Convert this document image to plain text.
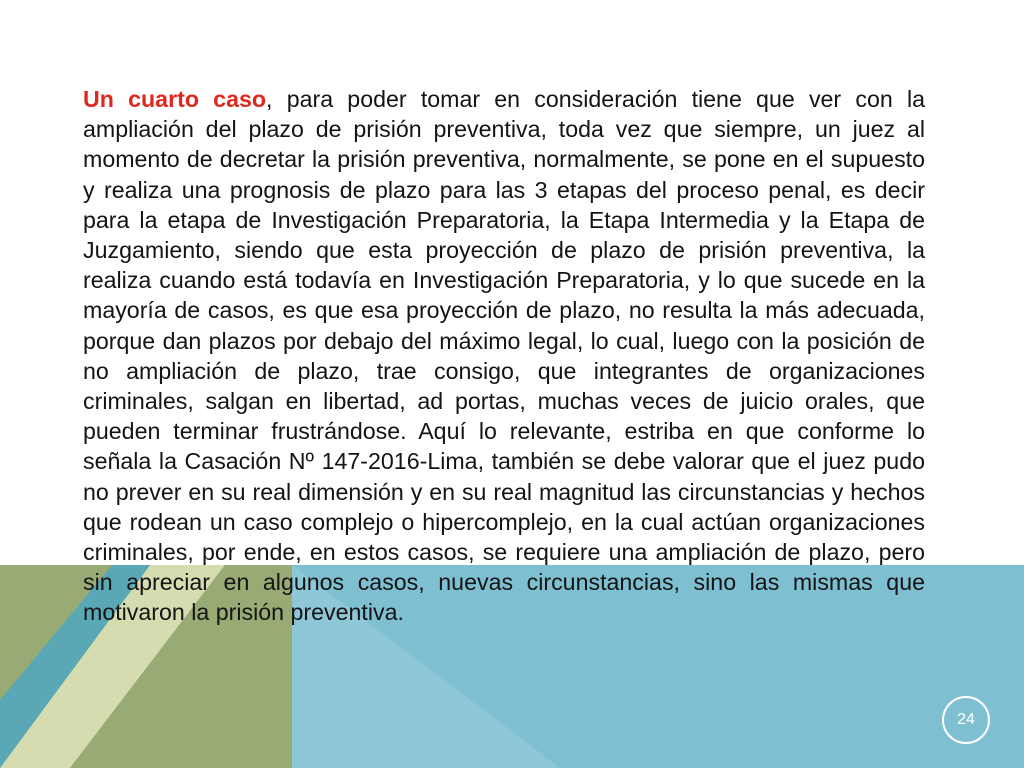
Un cuarto caso, para poder tomar en consideración tiene que ver con la ampliación del plazo de prisión preventiva, toda vez que siempre, un juez al momento de decretar la prisión preventiva, normalmente, se pone en el supuesto y realiza una prognosis de plazo para las 3 etapas del proceso penal, es decir para la etapa de Investigación Preparatoria, la Etapa Intermedia y la Etapa de Juzgamiento, siendo que esta proyección de plazo de prisión preventiva, la realiza cuando está todavía en Investigación Preparatoria, y lo que sucede en la mayoría de casos, es que esa proyección de plazo, no resulta la más adecuada, porque dan plazos por debajo del máximo legal, lo cual, luego con la posición de no ampliación de plazo, trae consigo, que integrantes de organizaciones criminales, salgan en libertad, ad portas, muchas veces de juicio orales, que pueden terminar frustrándose. Aquí lo relevante, estriba en que conforme lo señala la Casación Nº 147-2016-Lima, también se debe valorar que el juez pudo no prever en su real dimensión y en su real magnitud las circunstancias y hechos que rodean un caso complejo o hipercomplejo, en la cual actúan organizaciones criminales, por ende, en estos casos, se requiere una ampliación de plazo, pero sin apreciar en algunos casos, nuevas circunstancias, sino las mismas que motivaron la prisión preventiva.

24
